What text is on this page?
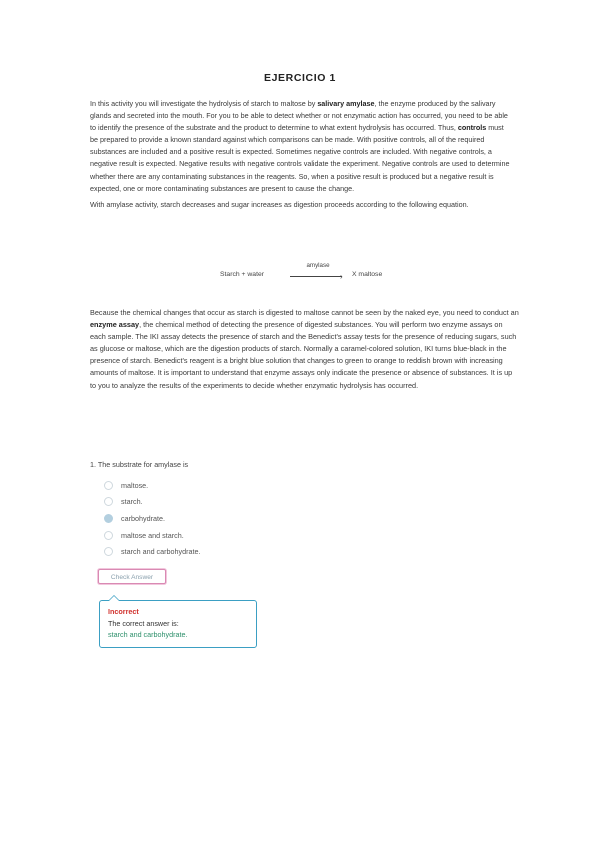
EJERCICIO 1

In this activity you will investigate the hydrolysis of starch to maltose by salivary amylase, the enzyme produced by the salivary glands and secreted into the mouth. For you to be able to detect whether or not enzymatic action has occurred, you need to be able to identify the presence of the substrate and the product to determine to what extent hydrolysis has occurred. Thus, controls must be prepared to provide a known standard against which comparisons can be made. With positive controls, all of the required substances are included and a positive result is expected. Sometimes negative controls are included. With negative controls, a negative result is expected. Negative results with negative controls validate the experiment. Negative controls are used to determine whether there are any contaminating substances in the reagents. So, when a positive result is produced but a negative result is expected, one or more contaminating substances are present to cause the change.

With amylase activity, starch decreases and sugar increases as digestion proceeds according to the following equation.

Starch + water
amylase
› X maltose

Because the chemical changes that occur as starch is digested to maltose cannot be seen by the naked eye, you need to conduct an enzyme assay, the chemical method of detecting the presence of digested substances. You will perform two enzyme assays on each sample. The IKI assay detects the presence of starch and the Benedict's assay tests for the presence of reducing sugars, such as glucose or maltose, which are the digestion products of starch. Normally a caramel-colored solution, IKI turns blue-black in the presence of starch. Benedict's reagent is a bright blue solution that changes to green to orange to reddish brown with increasing amounts of maltose. It is important to understand that enzyme assays only indicate the presence or absence of substances. It is up to you to analyze the results of the experiments to decide whether enzymatic hydrolysis has occurred.

1. The substrate for amylase is
maltose.
starch.
carbohydrate.
maltose and starch.
starch and carbohydrate.
Check Answer
Incorrect
The correct answer is:
starch and carbohydrate.
